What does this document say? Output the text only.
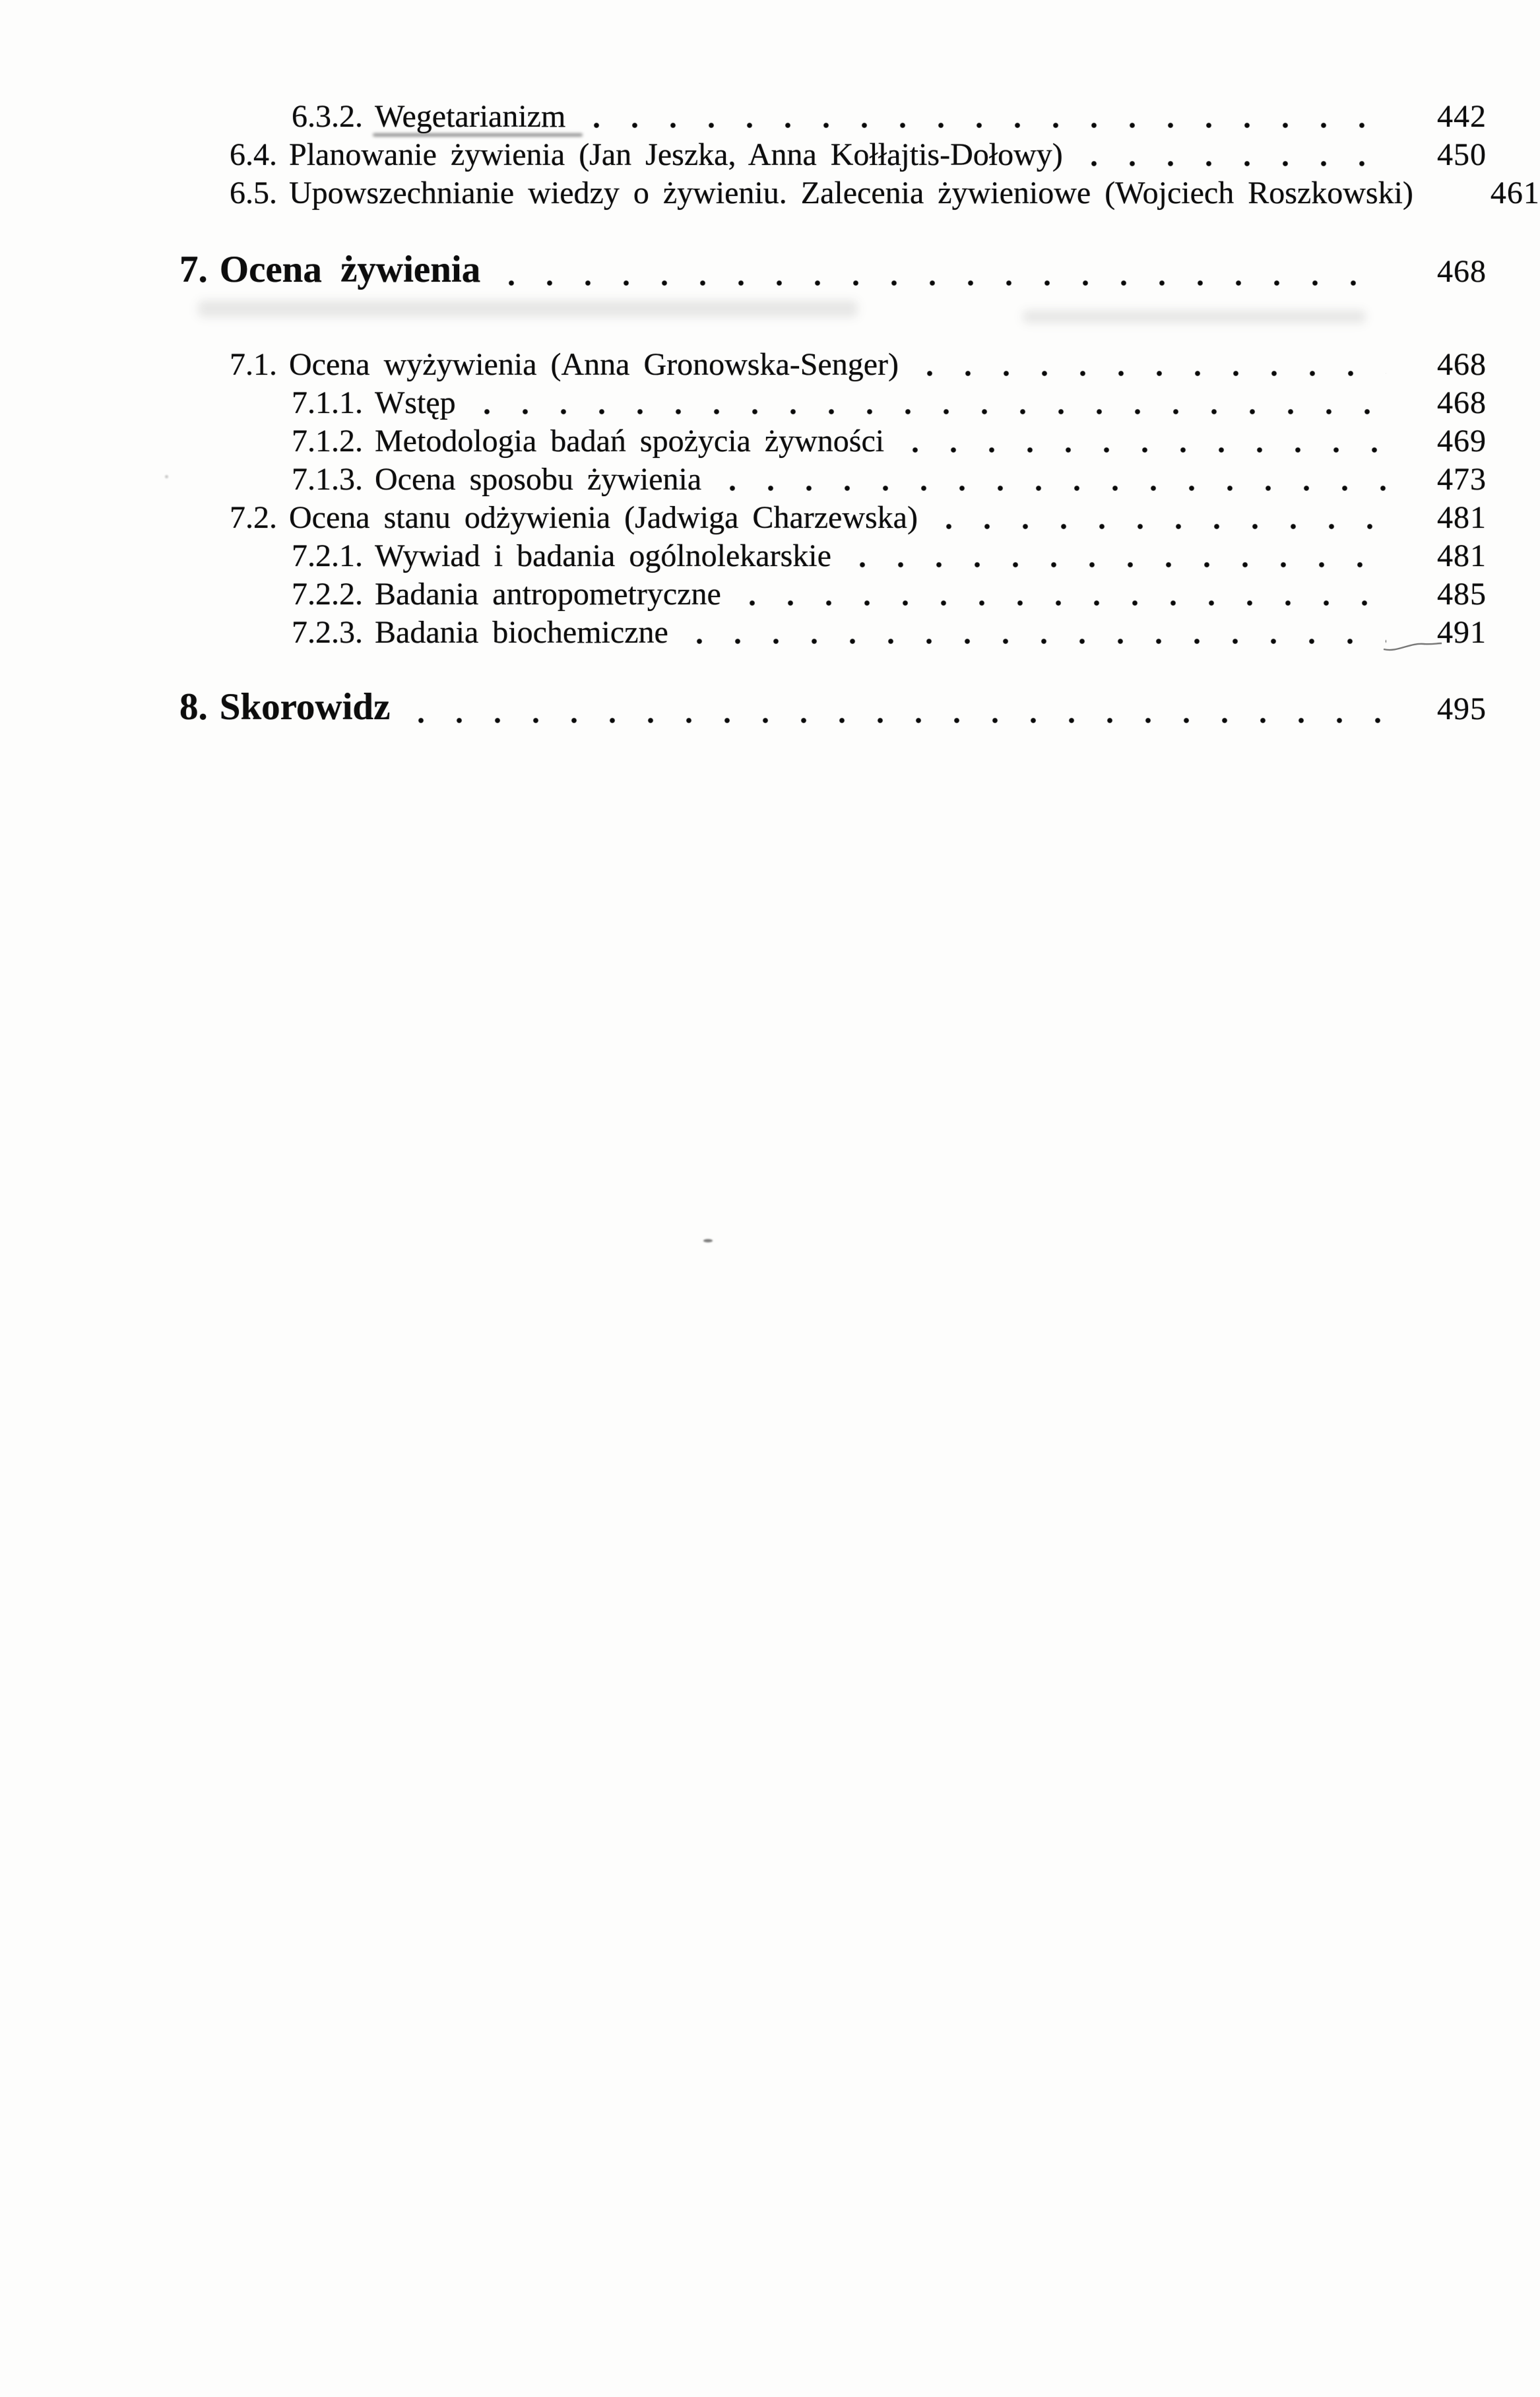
6.3.2. Wegetarianizm	442
6.4. Planowanie żywienia (Jan Jeszka, Anna Kołłajtis-Dołowy)	450
6.5. Upowszechnianie wiedzy o żywieniu. Zalecenia żywieniowe (Wojciech Roszkowski)	461
7. Ocena żywienia	468
7.1. Ocena wyżywienia (Anna Gronowska-Senger)	468
7.1.1. Wstęp	468
7.1.2. Metodologia badań spożycia żywności	469
7.1.3. Ocena sposobu żywienia	473
7.2. Ocena stanu odżywienia (Jadwiga Charzewska)	481
7.2.1. Wywiad i badania ogólnolekarskie	481
7.2.2. Badania antropometryczne	485
7.2.3. Badania biochemiczne	491
8. Skorowidz	495
